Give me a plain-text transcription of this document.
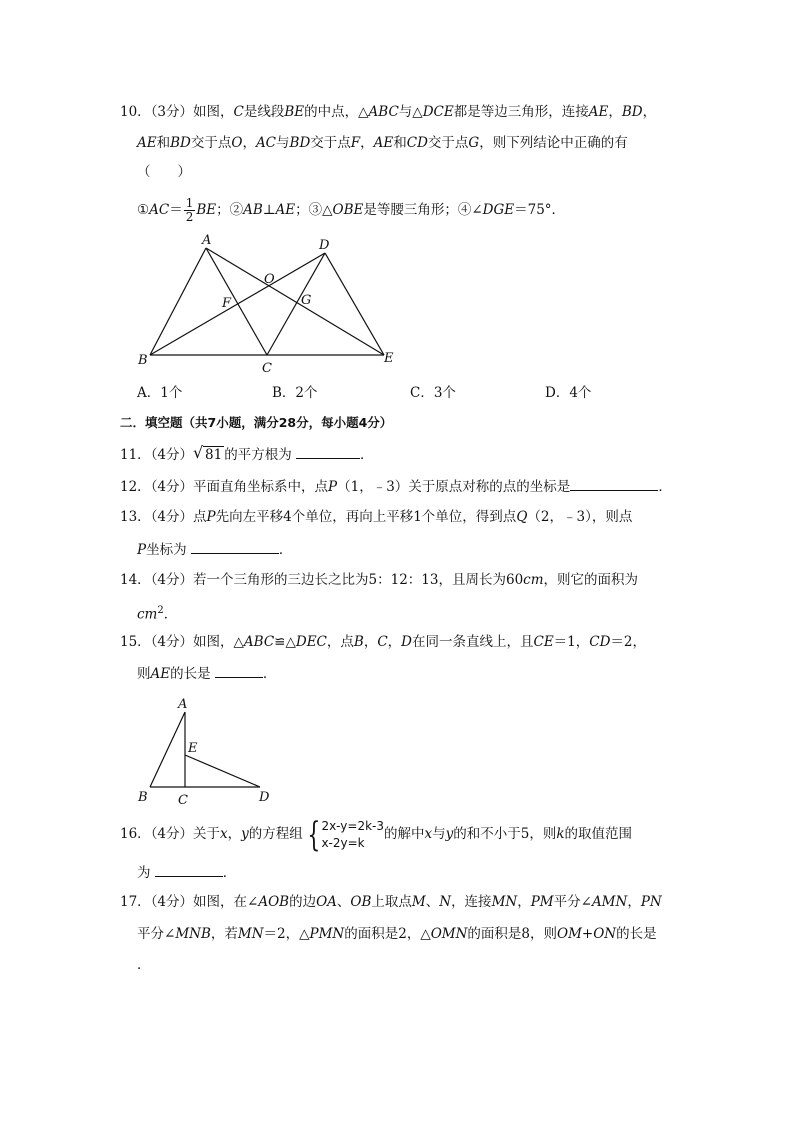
10．（3分）如图，C是线段BE的中点，△ABC与△DCE都是等边三角形，连接AE，BD，
AE和BD交于点O，AC与BD交于点F，AE和CD交于点G，则下列结论中正确的有
（　　）
①AC＝ $\frac{1}{2}$ BE；②AB⊥AE；③△OBE是等腰三角形；④∠DGE＝75°．
A	D
O
F	G
B
C
E
A．1个	B．2个	C．3个	D．4个
二．填空题（共7小题，满分28分，每小题4分）
11．（4分） √ 81 的平方根为	．
12．（4分）平面直角坐标系中，点P（1，﹣3）关于原点对称的点的坐标是	．
13．（4分）点P先向左平移4个单位，再向上平移1个单位，得到点Q（2，﹣3），则点
P坐标为	．
14．（4分）若一个三角形的三边长之比为5：12：13，且周长为60cm，则它的面积为
$cm^2$．
15．（4分）如图，△ABC≌△DEC，点B，C，D在同一条直线上，且CE＝1，CD＝2，
则AE的长是	．
A
E
B C	D
16．（4分）关于x，y的方程组 { 2x-y=2k-3
x-2y=k
的解中x与y的和不小于5，则k的取值范围
为	．
17．（4分）如图，在∠AOB的边OA、OB上取点M、N，连接MN，PM平分∠AMN，PN
平分∠MNB，若MN＝2，△PMN的面积是2，△OMN的面积是8，则OM+ON的长是
．
